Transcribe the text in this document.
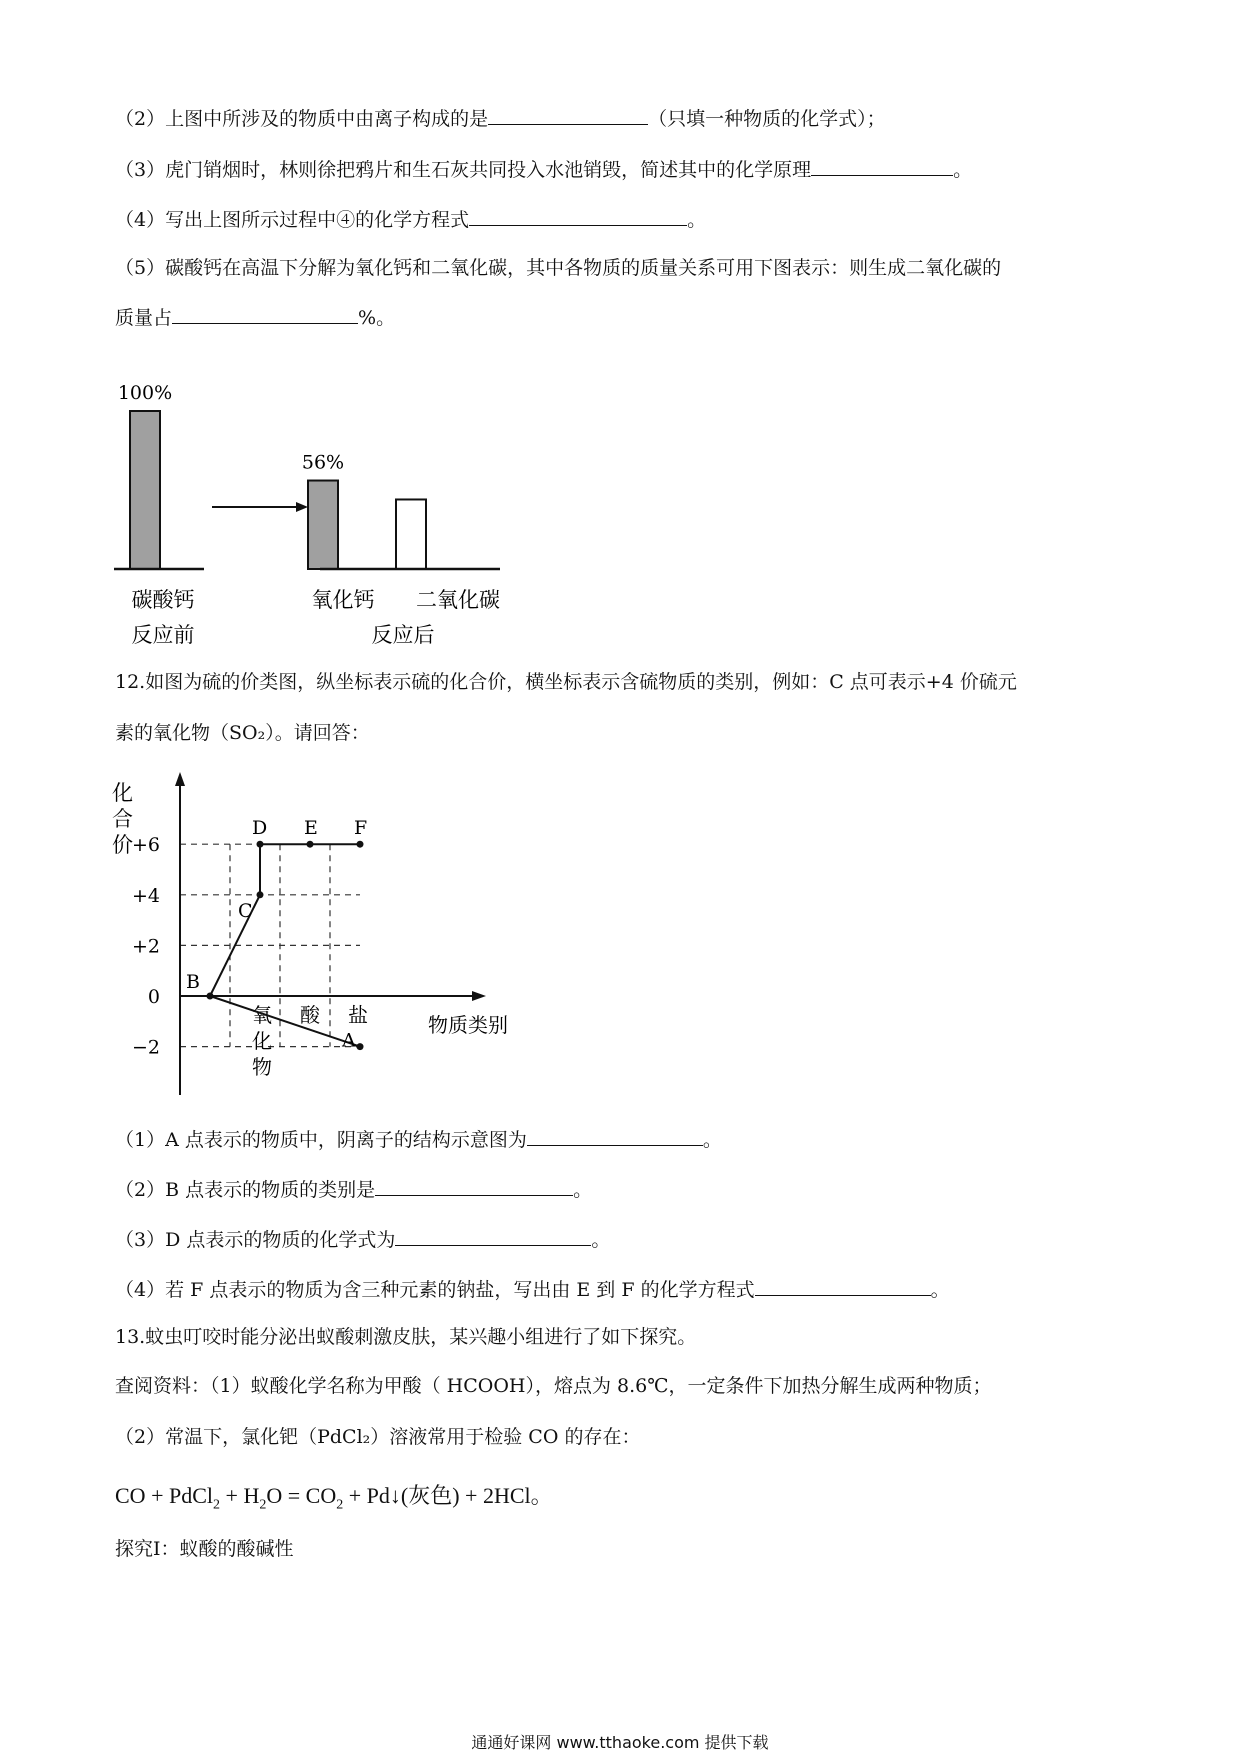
（2）上图中所涉及的物质中由离子构成的是	（只填一种物质的化学式）；
（3）虎门销烟时，林则徐把鸦片和生石灰共同投入水池销毁，简述其中的化学原理	。
（4）写出上图所示过程中④的化学方程式	。
（5）碳酸钙在高温下分解为氧化钙和二氧化碳，其中各物质的质量关系可用下图表示：则生成二氧化碳的
质量占	%。
100%
56%
碳酸钙	氧化钙 二氧化碳
反应前	反应后
12.如图为硫的价类图，纵坐标表示硫的化合价，横坐标表示含硫物质的类别，例如：C 点可表示+4 价硫元
素的氧化物（SO₂）。请回答：
+6
+4
+2
0
−2
化
合
价
氧
化
物
酸 盐	物质类别
A
B
C
D E F
（1）A 点表示的物质中，阴离子的结构示意图为	。
（2）B 点表示的物质的类别是	。
（3）D 点表示的物质的化学式为	。
（4）若 F 点表示的物质为含三种元素的钠盐，写出由 E 到 F 的化学方程式	。
13.蚊虫叮咬时能分泌出蚁酸刺激皮肤，某兴趣小组进行了如下探究。
查阅资料：（1）蚁酸化学名称为甲酸（ HCOOH），熔点为 8.6℃，一定条件下加热分解生成两种物质；
（2）常温下，氯化钯（PdCl₂）溶液常用于检验 CO 的存在：
CO + PdCl$_2$ + $H_2O = CO_2$ + Pd↓(灰色) + 2HCl。
探究Ⅰ：蚁酸的酸碱性
通通好课网 www.tthaoke.com 提供下载
